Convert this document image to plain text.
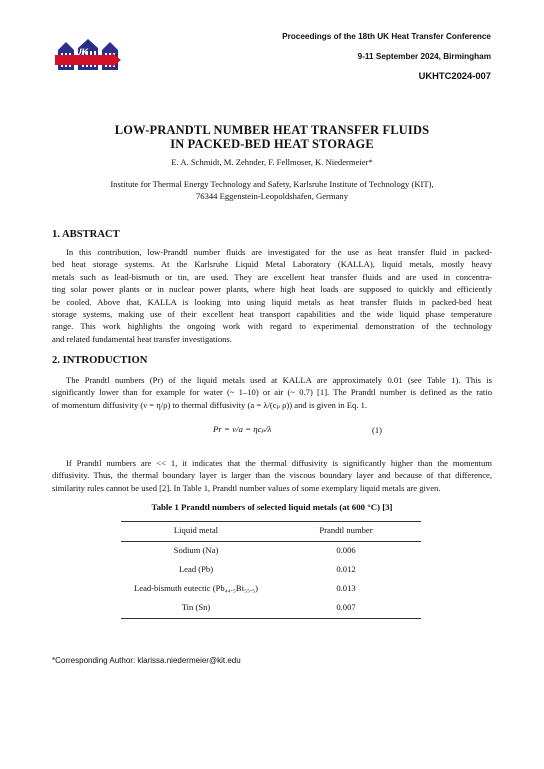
UK
Proceedings of the 18th UK Heat Transfer Conference
9-11 September 2024, Birmingham
UKHTC2024-007
LOW-PRANDTL NUMBER HEAT TRANSFER FLUIDS
IN PACKED-BED HEAT STORAGE
E. A. Schmidt, M. Zehnder, F. Fellmoser, K. Niedermeier*
Institute for Thermal Energy Technology and Safety, Karlsruhe Institute of Technology (KIT),
76344 Eggenstein-Leopoldshafen, Germany
1. ABSTRACT
In this contribution, low-Prandtl number fluids are investigated for the use as heat transfer fluid in packed-
bed heat storage systems. At the Karlsruhe Liquid Metal Laboratory (KALLA), liquid metals, mostly heavy
metals such as lead-bismuth or tin, are used. They are excellent heat transfer fluids and are used in concentra-
ting solar power plants or in nuclear power plants, where high heat loads are supposed to quickly and efficiently
be cooled. Above that, KALLA is looking into using liquid metals as heat transfer fluids in packed-bed heat
storage systems, making use of their excellent heat transport capabilities and the wide liquid phase temperature
range. This work highlights the ongoing work with regard to experimental demonstration of the technology
and related fundamental heat transfer investigations.
2. INTRODUCTION
The Prandtl numbers (Pr) of the liquid metals used at KALLA are approximately 0.01 (see Table 1). This is
significantly lower than for example for water (~ 1–10) or air (~ 0.7) [1]. The Prandtl number is defined as the ratio
of momentum diffusivity (ν = η/ρ) to thermal diffusivity (a = λ/(cₚ ρ)) and is given in Eq. 1.
Pr = ν/a = ηcₚ/λ	(1)
If Prandtl numbers are << 1, it indicates that the thermal diffusivity is significantly higher than the momentum
diffusivity. Thus, the thermal boundary layer is larger than the viscous boundary layer and because of that difference,
similarity rules cannot be used [2]. In Table 1, Prandtl number values of some exemplary liquid metals are given.
Table 1 Prandtl numbers of selected liquid metals (at 600 °C) [3]
Liquid metal	Prandtl number
Sodium (Na)	0.006
Lead (Pb)	0.012
Lead-bismuth eutectic (Pb₄₄.₅Bi₅₅.₅)	0.013
Tin (Sn)	0.007
*Corresponding Author: klarissa.niedermeier@kit.edu
